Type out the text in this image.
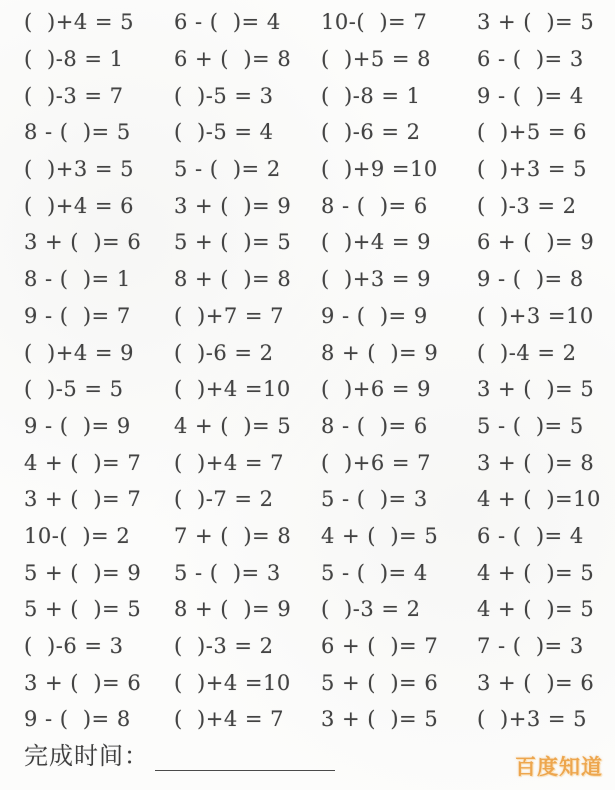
(  )+4 = 5	6 - (  )= 4	10-(  )= 7	3 + (  )= 5
(  )-8 = 1	6 + (  )= 8	(  )+5 = 8	6 - (  )= 3
(  )-3 = 7	(  )-5 = 3	(  )-8 = 1	9 - (  )= 4
8 - (  )= 5	(  )-5 = 4	(  )-6 = 2	(  )+5 = 6
(  )+3 = 5	5 - (  )= 2	(  )+9 =10	(  )+3 = 5
(  )+4 = 6	3 + (  )= 9	8 - (  )= 6	(  )-3 = 2
3 + (  )= 6	5 + (  )= 5	(  )+4 = 9	6 + (  )= 9
8 - (  )= 1	8 + (  )= 8	(  )+3 = 9	9 - (  )= 8
9 - (  )= 7	(  )+7 = 7	9 - (  )= 9	(  )+3 =10
(  )+4 = 9	(  )-6 = 2	8 + (  )= 9	(  )-4 = 2
(  )-5 = 5	(  )+4 =10	(  )+6 = 9	3 + (  )= 5
9 - (  )= 9	4 + (  )= 5	8 - (  )= 6	5 - (  )= 5
4 + (  )= 7	(  )+4 = 7	(  )+6 = 7	3 + (  )= 8
3 + (  )= 7	(  )-7 = 2	5 - (  )= 3	4 + (  )=10
10-(  )= 2	7 + (  )= 8	4 + (  )= 5	6 - (  )= 4
5 + (  )= 9	5 - (  )= 3	5 - (  )= 4	4 + (  )= 5
5 + (  )= 5	8 + (  )= 9	(  )-3 = 2	4 + (  )= 5
(  )-6 = 3	(  )-3 = 2	6 + (  )= 7	7 - (  )= 3
3 + (  )= 6	(  )+4 =10	5 + (  )= 6	3 + (  )= 6
9 - (  )= 8	(  )+4 = 7	3 + (  )= 5	(  )+3 = 5
完成时间：	百度知道
